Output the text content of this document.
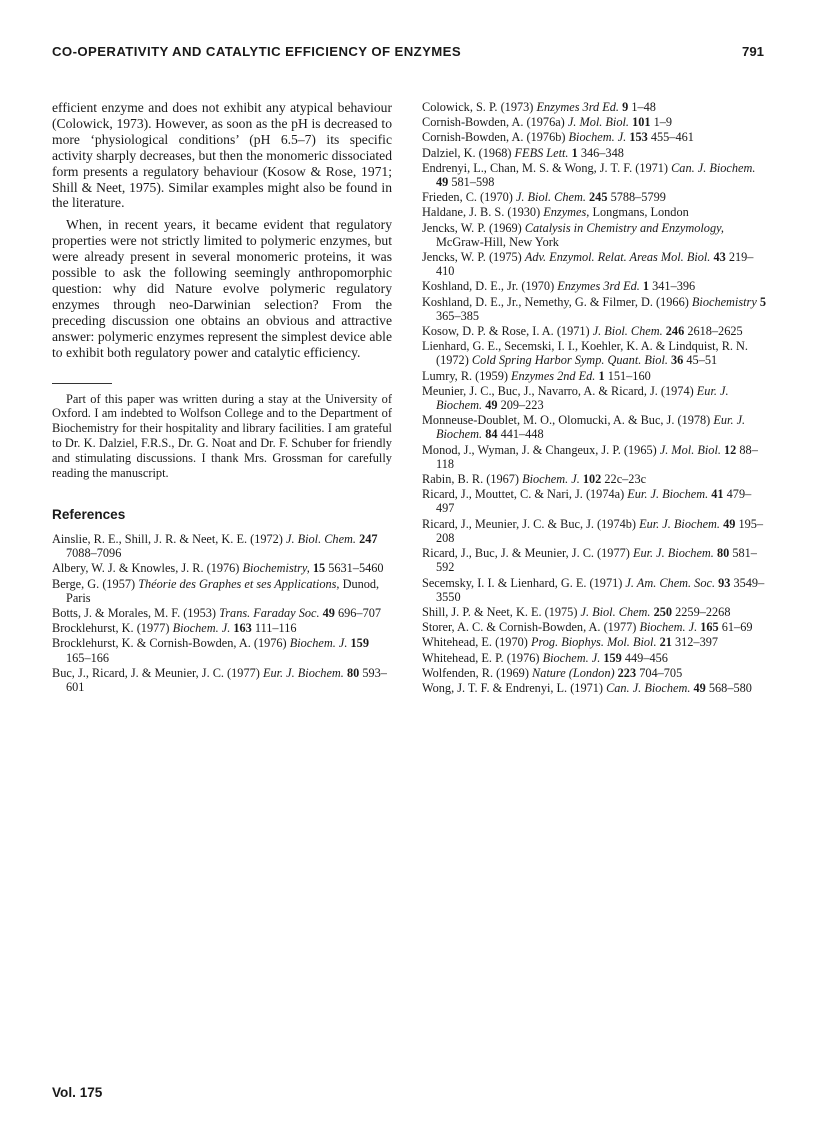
CO-OPERATIVITY AND CATALYTIC EFFICIENCY OF ENZYMES	791

efficient enzyme and does not exhibit any atypical behaviour (Colowick, 1973). However, as soon as the pH is decreased to more ‘physiological conditions’ (pH 6.5–7) its specific activity sharply decreases, but then the monomeric dissociated form presents a regulatory behaviour (Kosow & Rose, 1971; Shill & Neet, 1975). Similar examples might also be found in the literature.

When, in recent years, it became evident that regulatory properties were not strictly limited to polymeric enzymes, but were already present in several monomeric proteins, it was possible to ask the following seemingly anthropomorphic question: why did Nature evolve polymeric regulatory enzymes through neo-Darwinian selection? From the preceding discussion one obtains an obvious and attractive answer: polymeric enzymes represent the simplest device able to exhibit both regulatory power and catalytic efficiency.

Part of this paper was written during a stay at the University of Oxford. I am indebted to Wolfson College and to the Department of Biochemistry for their hospitality and library facilities. I am grateful to Dr. K. Dalziel, F.R.S., Dr. G. Noat and Dr. F. Schuber for friendly and stimulating discussions. I thank Mrs. Grossman for carefully reading the manuscript.

References
Ainslie, R. E., Shill, J. R. & Neet, K. E. (1972) J. Biol. Chem. 247 7088–7096
Albery, W. J. & Knowles, J. R. (1976) Biochemistry, 15 5631–5460
Berge, G. (1957) Théorie des Graphes et ses Applications, Dunod, Paris
Botts, J. & Morales, M. F. (1953) Trans. Faraday Soc. 49 696–707
Brocklehurst, K. (1977) Biochem. J. 163 111–116
Brocklehurst, K. & Cornish-Bowden, A. (1976) Biochem. J. 159 165–166
Buc, J., Ricard, J. & Meunier, J. C. (1977) Eur. J. Biochem. 80 593–601
Colowick, S. P. (1973) Enzymes 3rd Ed. 9 1–48
Cornish-Bowden, A. (1976a) J. Mol. Biol. 101 1–9
Cornish-Bowden, A. (1976b) Biochem. J. 153 455–461
Dalziel, K. (1968) FEBS Lett. 1 346–348
Endrenyi, L., Chan, M. S. & Wong, J. T. F. (1971) Can. J. Biochem. 49 581–598
Frieden, C. (1970) J. Biol. Chem. 245 5788–5799
Haldane, J. B. S. (1930) Enzymes, Longmans, London
Jencks, W. P. (1969) Catalysis in Chemistry and Enzymology, McGraw-Hill, New York
Jencks, W. P. (1975) Adv. Enzymol. Relat. Areas Mol. Biol. 43 219–410
Koshland, D. E., Jr. (1970) Enzymes 3rd Ed. 1 341–396
Koshland, D. E., Jr., Nemethy, G. & Filmer, D. (1966) Biochemistry 5 365–385
Kosow, D. P. & Rose, I. A. (1971) J. Biol. Chem. 246 2618–2625
Lienhard, G. E., Secemski, I. I., Koehler, K. A. & Lindquist, R. N. (1972) Cold Spring Harbor Symp. Quant. Biol. 36 45–51
Lumry, R. (1959) Enzymes 2nd Ed. 1 151–160
Meunier, J. C., Buc, J., Navarro, A. & Ricard, J. (1974) Eur. J. Biochem. 49 209–223
Monneuse-Doublet, M. O., Olomucki, A. & Buc, J. (1978) Eur. J. Biochem. 84 441–448
Monod, J., Wyman, J. & Changeux, J. P. (1965) J. Mol. Biol. 12 88–118
Rabin, B. R. (1967) Biochem. J. 102 22c–23c
Ricard, J., Mouttet, C. & Nari, J. (1974a) Eur. J. Biochem. 41 479–497
Ricard, J., Meunier, J. C. & Buc, J. (1974b) Eur. J. Biochem. 49 195–208
Ricard, J., Buc, J. & Meunier, J. C. (1977) Eur. J. Biochem. 80 581–592
Secemsky, I. I. & Lienhard, G. E. (1971) J. Am. Chem. Soc. 93 3549–3550
Shill, J. P. & Neet, K. E. (1975) J. Biol. Chem. 250 2259–2268
Storer, A. C. & Cornish-Bowden, A. (1977) Biochem. J. 165 61–69
Whitehead, E. (1970) Prog. Biophys. Mol. Biol. 21 312–397
Whitehead, E. P. (1976) Biochem. J. 159 449–456
Wolfenden, R. (1969) Nature (London) 223 704–705
Wong, J. T. F. & Endrenyi, L. (1971) Can. J. Biochem. 49 568–580
Vol. 175
